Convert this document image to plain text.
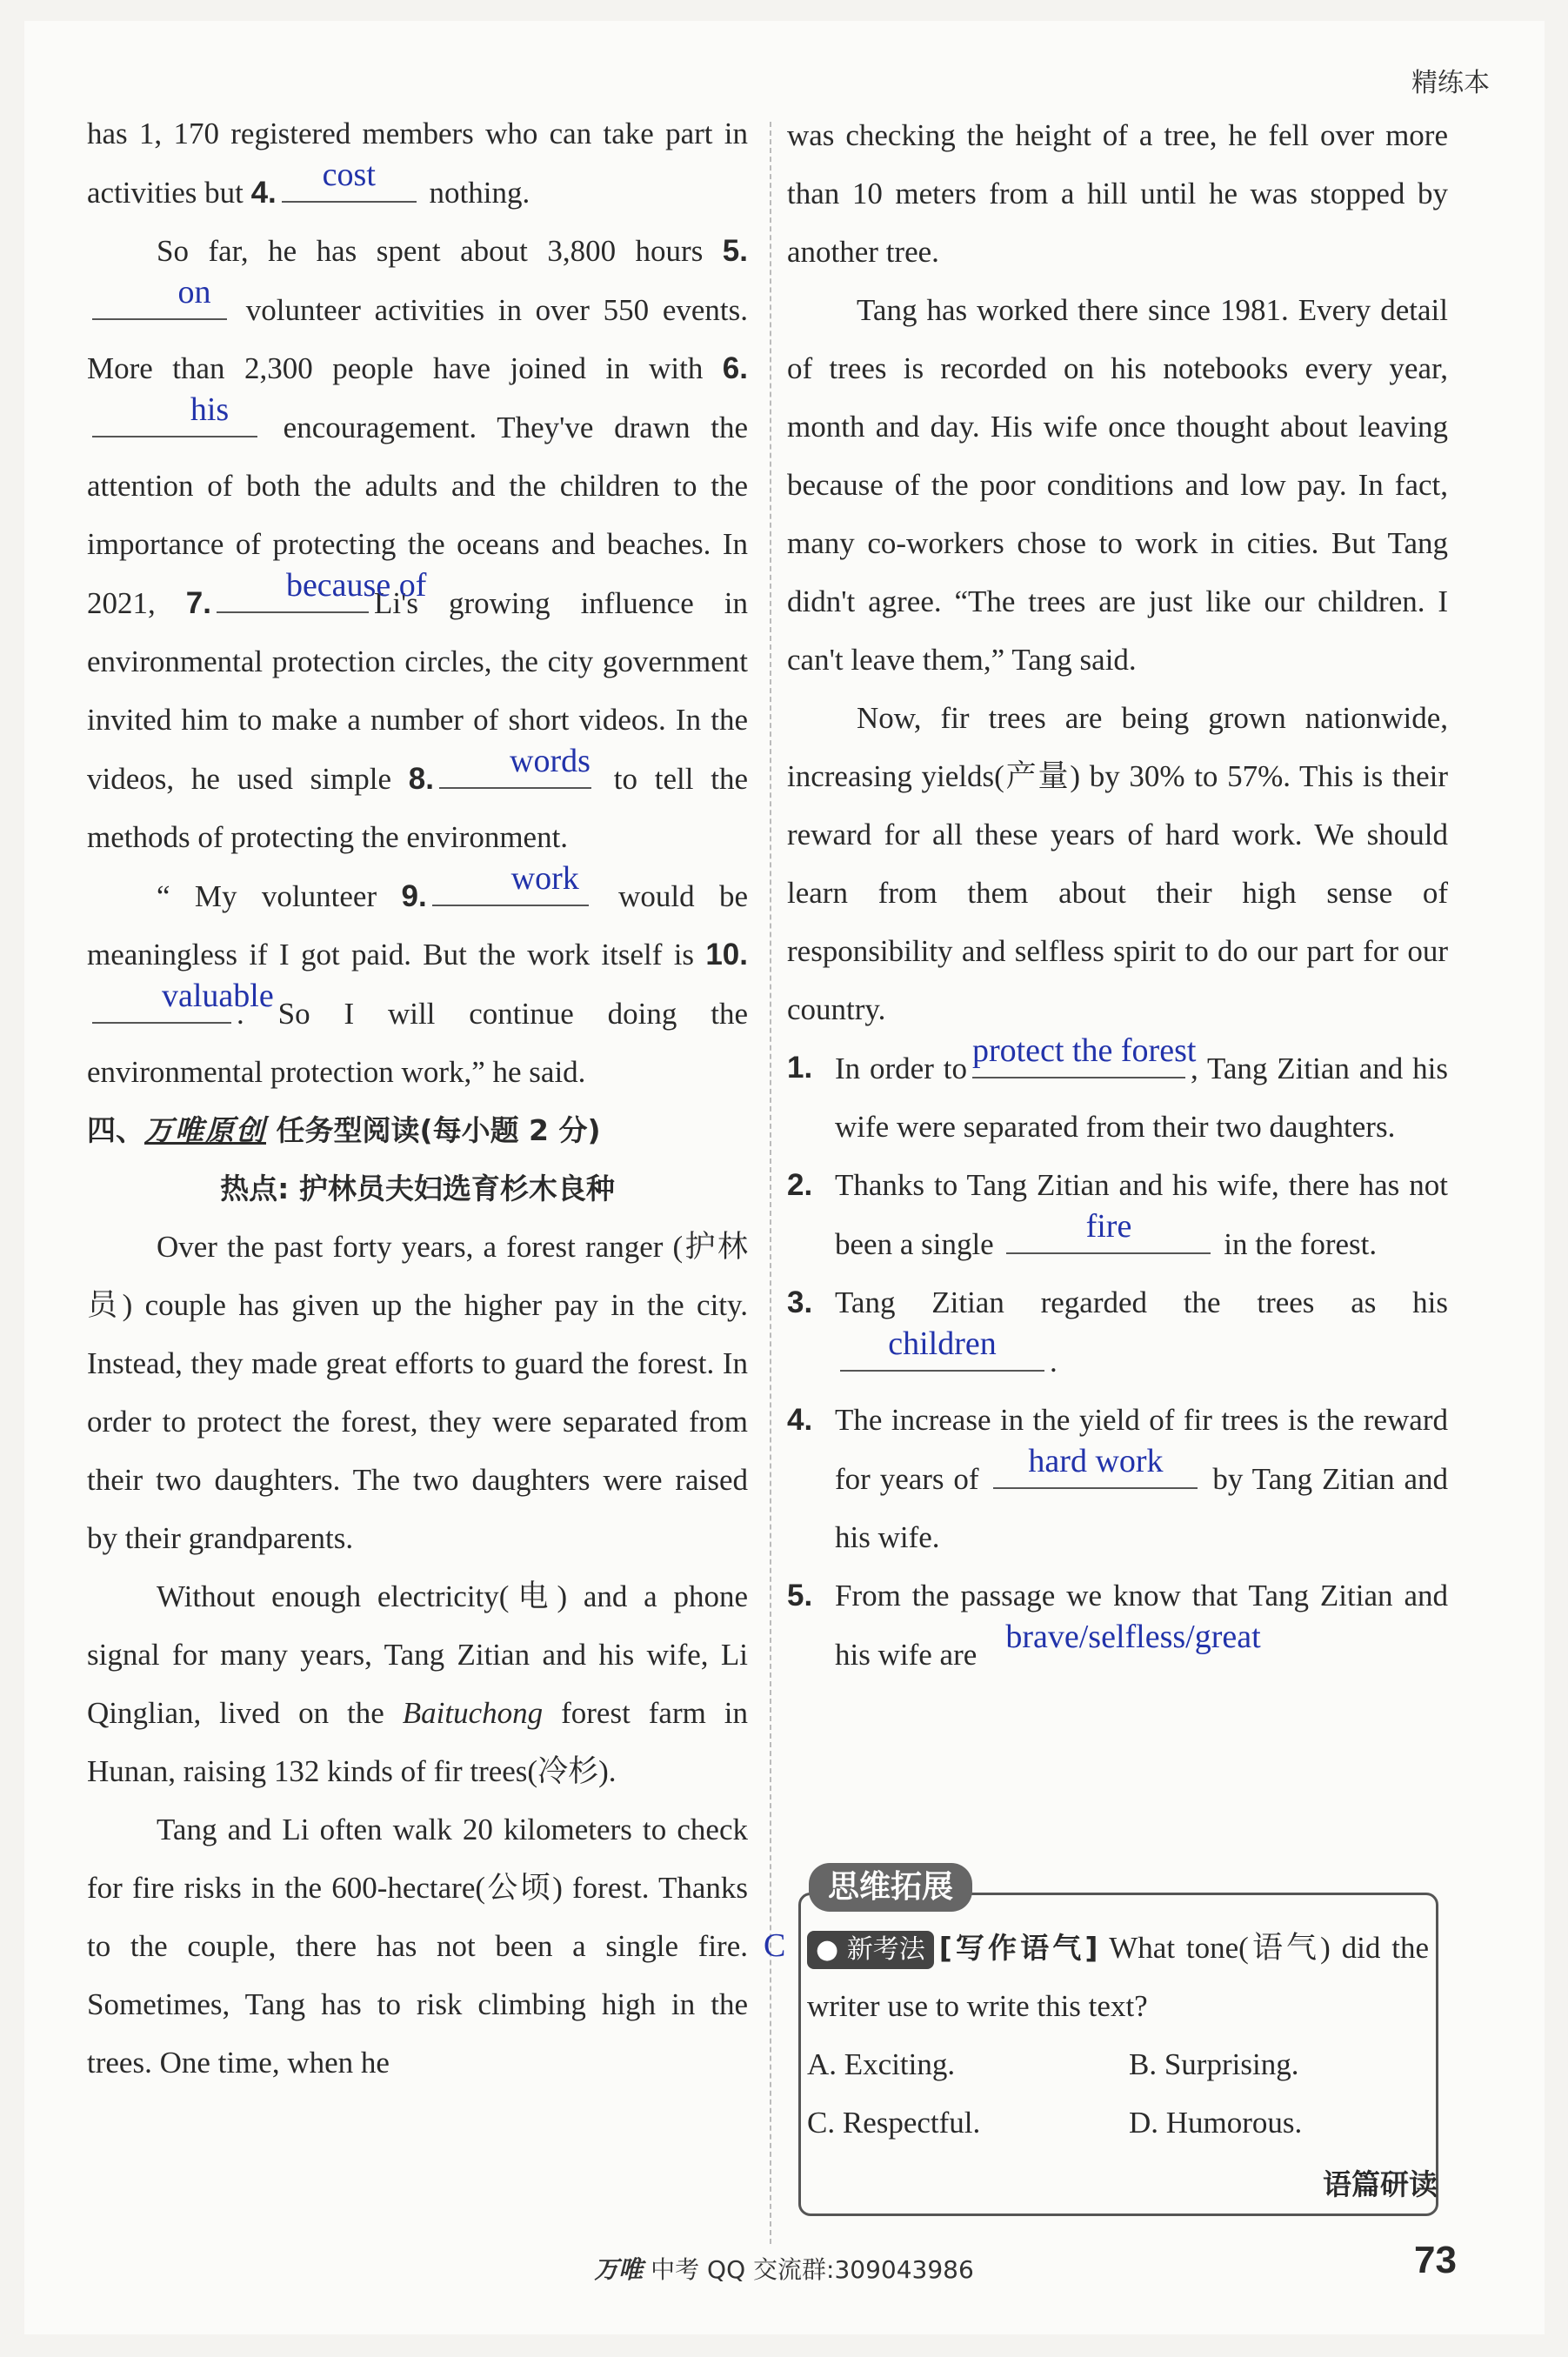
精练本

has 1, 170 registered members who can take part in activities but 4.	cost	nothing.

So far, he has spent about 3,800 hours 5.
on volunteer activities in over 550 events. More than 2,300 people have joined in with 6.
his	encouragement. They've drawn the attention of both the adults and the children to the importance of protecting the oceans and beaches. In 2021, 7.	because of
Li's growing influence in environmental protection circles, the city government invited him to make a number of short videos. In the videos, he used simple 8.	words to tell the methods of protecting the environment.

“ My volunteer 9.	work would be meaningless if I got paid. But the work itself is 10.
valuable
. So I will continue doing the environmental protection work,” he said.

四、万唯原创 任务型阅读(每小题 2 分)

热点: 护林员夫妇选育杉木良种

Over the past forty years, a forest ranger (护林员) couple has given up the higher pay in the city. Instead, they made great efforts to guard the forest. In order to protect the forest, they were separated from their two daughters. The two daughters were raised by their grandparents.

Without enough electricity(电) and a phone signal for many years, Tang Zitian and his wife, Li Qinglian, lived on the Baituchong forest farm in Hunan, raising 132 kinds of fir trees(冷杉).

Tang and Li often walk 20 kilometers to check for fire risks in the 600-hectare(公顷) forest. Thanks to the couple, there has not been a single fire. Sometimes, Tang has to risk climbing high in the trees. One time, when he

was checking the height of a tree, he fell over more than 10 meters from a hill until he was stopped by another tree.

Tang has worked there since 1981. Every detail of trees is recorded on his notebooks every year, month and day. His wife once thought about leaving because of the poor conditions and low pay. In fact, many co-workers chose to work in cities. But Tang didn't agree. “The trees are just like our children. I can't leave them,” Tang said.

Now, fir trees are being grown nationwide, increasing yields(产量) by 30% to 57%. This is their reward for all these years of hard work. We should learn from them about their high sense of responsibility and selfless spirit to do our part for our country.

1. In order to protect the forest
, Tang Zitian and his wife were separated from their two daughters.
2. Thanks to Tang Zitian and his wife, there has not been a single	fire	in the forest.
3. Tang Zitian regarded the trees as his
children	.
4. The increase in the yield of fir trees is the reward for years of	hard work	by Tang Zitian and his wife.
5. From the passage we know that Tang Zitian and his wife are brave/selfless/great
思维拓展
C	● 新考法 [写作语气] What tone(语气) did the writer use to write this text?
A. Exciting.	B. Surprising.
C. Respectful.	D. Humorous.
语篇研读
万唯 中考 QQ 交流群:309043986	73
